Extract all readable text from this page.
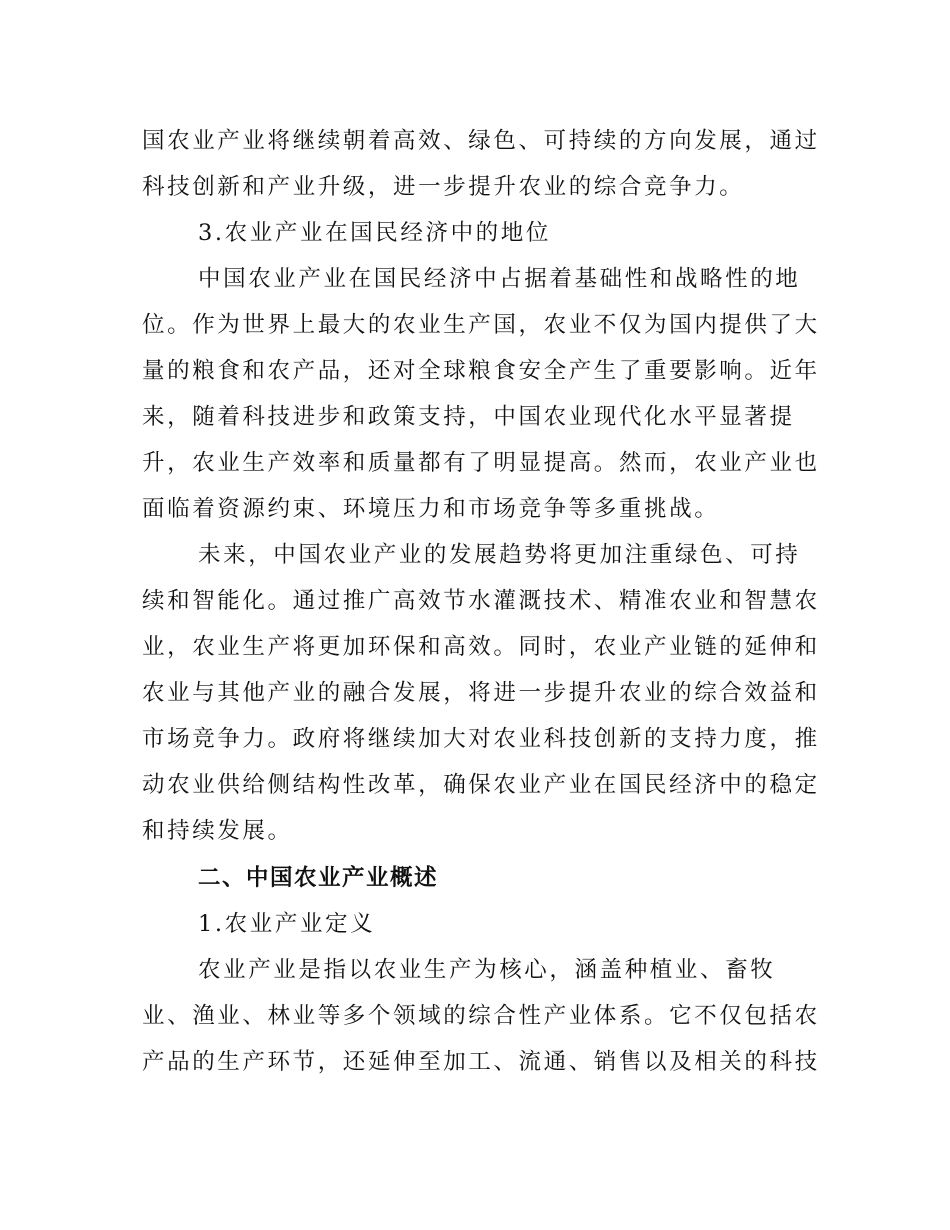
国农业产业将继续朝着高效、绿色、可持续的方向发展，通过
科技创新和产业升级，进一步提升农业的综合竞争力。
3.农业产业在国民经济中的地位
中国农业产业在国民经济中占据着基础性和战略性的地
位。作为世界上最大的农业生产国，农业不仅为国内提供了大
量的粮食和农产品，还对全球粮食安全产生了重要影响。近年
来，随着科技进步和政策支持，中国农业现代化水平显著提
升，农业生产效率和质量都有了明显提高。然而，农业产业也
面临着资源约束、环境压力和市场竞争等多重挑战。
未来，中国农业产业的发展趋势将更加注重绿色、可持
续和智能化。通过推广高效节水灌溉技术、精准农业和智慧农
业，农业生产将更加环保和高效。同时，农业产业链的延伸和
农业与其他产业的融合发展，将进一步提升农业的综合效益和
市场竞争力。政府将继续加大对农业科技创新的支持力度，推
动农业供给侧结构性改革，确保农业产业在国民经济中的稳定
和持续发展。
二、中国农业产业概述
1.农业产业定义
农业产业是指以农业生产为核心，涵盖种植业、畜牧
业、渔业、林业等多个领域的综合性产业体系。它不仅包括农
产品的生产环节，还延伸至加工、流通、销售以及相关的科技
